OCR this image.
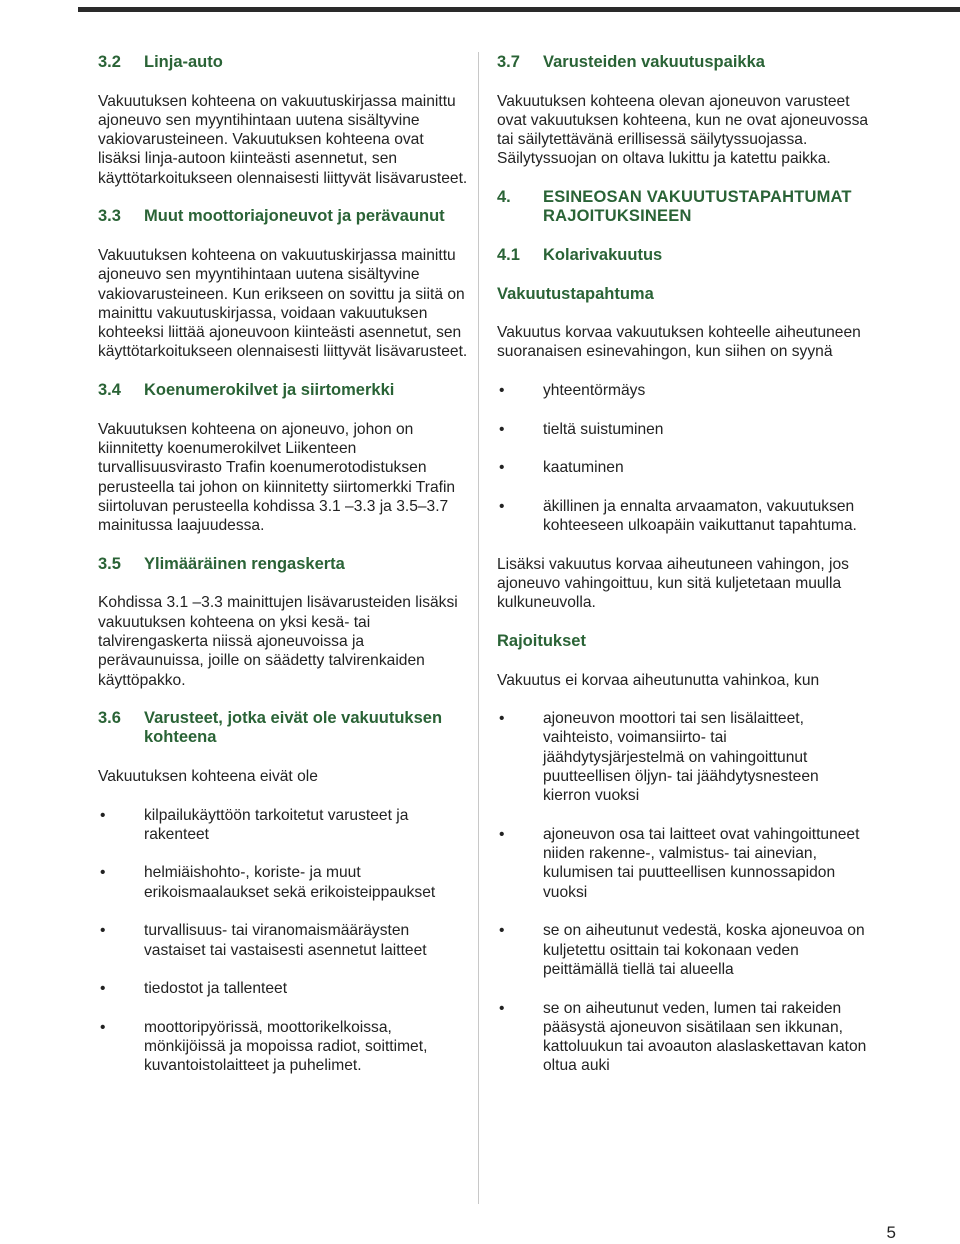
3.2	Linja-auto

Vakuutuksen kohteena on vakuutuskirjassa mainittu ajoneuvo sen myyntihintaan uutena sisältyvine vakiovarusteineen. Vakuutuksen kohteena ovat lisäksi linja-autoon kiinteästi asennetut, sen käyttötarkoitukseen olennaisesti liittyvät lisävarusteet.

3.3	Muut moottoriajoneuvot ja perävaunut

Vakuutuksen kohteena on vakuutuskirjassa mainittu ajoneuvo sen myyntihintaan uutena sisältyvine vakiovarusteineen. Kun erikseen on sovittu ja siitä on mainittu vakuutuskirjassa, voidaan vakuutuksen kohteeksi liittää ajoneuvoon kiinteästi asennetut, sen käyttötarkoitukseen olennaisesti liittyvät lisävarusteet.

3.4	Koenumerokilvet ja siirtomerkki

Vakuutuksen kohteena on ajoneuvo, johon on kiinnitetty koenumerokilvet Liikenteen turvallisuusvirasto Trafin koenumerotodistuksen perusteella tai johon on kiinnitetty siirtomerkki Trafin siirtoluvan perusteella kohdissa 3.1 –3.3 ja 3.5–3.7 mainitussa laajuudessa.

3.5	Ylimääräinen rengaskerta

Kohdissa 3.1 –3.3 mainittujen lisävarusteiden lisäksi vakuutuksen kohteena on yksi kesä- tai talvirengaskerta niissä ajoneuvoissa ja perävaunuissa, joille on säädetty talvirenkaiden käyttöpakko.

3.6	Varusteet, jotka eivät ole vakuutuksen kohteena

Vakuutuksen kohteena eivät ole

•	kilpailukäyttöön tarkoitetut varusteet ja rakenteet
•	helmiäishohto-, koriste- ja muut erikoismaalaukset sekä erikoisteippaukset
•	turvallisuus- tai viranomaismääräysten vastaiset tai vastaisesti asennetut laitteet
•	tiedostot ja tallenteet
•	moottoripyörissä, moottorikelkoissa, mönkijöissä ja mopoissa radiot, soittimet, kuvantoistolaitteet ja puhelimet.
3.7	Varusteiden vakuutuspaikka

Vakuutuksen kohteena olevan ajoneuvon varusteet ovat vakuutuksen kohteena, kun ne ovat ajoneuvossa tai säilytettävänä erillisessä säilytyssuojassa. Säilytyssuojan on oltava lukittu ja katettu paikka.

4.	ESINEOSAN VAKUUTUSTAPAHTUMAT RAJOITUKSINEEN
4.1	Kolarivakuutus
Vakuutustapahtuma

Vakuutus korvaa vakuutuksen kohteelle aiheutuneen suoranaisen esinevahingon, kun siihen on syynä

•	yhteentörmäys
•	tieltä suistuminen
•	kaatuminen
•	äkillinen ja ennalta arvaamaton, vakuutuksen kohteeseen ulkoapäin vaikuttanut tapahtuma.

Lisäksi vakuutus korvaa aiheutuneen vahingon, jos ajoneuvo vahingoittuu, kun sitä kuljetetaan muulla kulkuneuvolla.

Rajoitukset

Vakuutus ei korvaa aiheutunutta vahinkoa, kun

•	ajoneuvon moottori tai sen lisälaitteet, vaihteisto, voimansiirto- tai jäähdytysjärjestelmä on vahingoittunut puutteellisen öljyn- tai jäähdytysnesteen kierron vuoksi
•	ajoneuvon osa tai laitteet ovat vahingoittuneet niiden rakenne-, valmistus- tai ainevian, kulumisen tai puutteellisen kunnossapidon vuoksi
•	se on aiheutunut vedestä, koska ajoneuvoa on kuljetettu osittain tai kokonaan veden peittämällä tiellä tai alueella
•	se on aiheutunut veden, lumen tai rakeiden pääsystä ajoneuvon sisätilaan sen ikkunan, kattoluukun tai avoauton alaslaskettavan katon oltua auki
5
